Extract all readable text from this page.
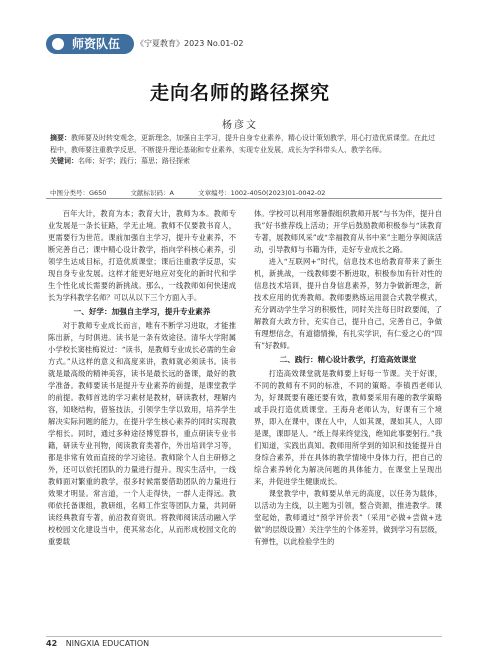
师资队伍	《宁夏教育》2023 No.01-02
走向名师的路径探究
杨彦文
摘要：教师要及时转变观念，更新理念，加强自主学习，提升自身专业素养，精心设计策划教学，用心打造优质课堂。在此过程中，教师要注重教学反思，不断提升理论基础和专业素养，实现专业发展，成长为学科带头人、教学名师。
关键词：名师；好学；践行；慕思；路径探索
中图分类号：G650	文献标识码：A	文章编号：1002-4050(2023)01-0042-02

百年大计，教育为本；教育大计，教师为本。教师专业发展是一条长征路，学无止境。教师不仅要教书育人，更需要行为世范。课前加强自主学习，提升专业素养，不断完善自己；课中精心设计教学，指向学科核心素养，引领学生达成目标，打造优质课堂；课后注重教学反思，实现自身专业发展。这样才能更好地应对变化的新时代和学生个性化成长需要的新挑战。那么，一线教师如何快速成长为学科教学名师？可以从以下三个方面入手。

一、好学：加强自主学习，提升专业素养

对于教师专业成长而言，唯有不断学习进取，才能推陈出新，与时俱进。读书是一条有效途径。清华大学附属小学校长窦桂梅说过：“读书，是教师专业成长必需的生命方式。”从这样的意义和高度来讲，教师就必须读书。读书就是最高级的精神美容，读书是最长远的备课，最好的教学准备。教师要读书是提升专业素养的前提，是课堂教学的前提。教师首选的学习素材是教材，研读教材，理解内容，知晓结构，借鉴技法，引领学生学以致用，培养学生解决实际问题的能力，在提升学生核心素养的同时实现教学相长。同时，通过多种途径博览群书，重点研读专业书籍，研读专业刊物，阅读教育类著作，外出培训学习等，都是非常有效而直接的学习途径。教师除个人自主研修之外，还可以依托团队的力量进行提升。现实生活中，一线教师面对繁重的教学，很多时候需要借助团队的力量进行效果才明显。常言道，一个人走得快，一群人走得远。教师依托备课组，教研组，名师工作室等团队力量，共同研读经典教育专著，前沿教育资讯。将教师阅读活动融入学校校园文化建设当中，使其常态化，从而形成校园文化的重要载

体。学校可以利用寒暑假组织教师开展“与书为伴，提升自我”好书推荐线上活动；开学后鼓励教师积极参与“读教育专著，展教师风采”或“幸福教育从书中来”主题分享阅读活动，引导教师与书籍为伴，走好专业成长之路。

进入“互联网+”时代，信息技术也给教育带来了新生机，新挑战，一线教师要不断进取，积极参加有针对性的信息技术培训，提升自身信息素养，努力争做新理念，新技术应用的优秀教师。教师要熟练运用混合式教学模式，充分调动学生学习的积极性，同时关注每日时政要闻，了解教育大政方针，充实自己，提升自己，完善自己，争做有理想信念，有道德情操，有扎实学识，有仁爱之心的“四有”好教师。

二、践行：精心设计教学，打造高效课堂

打造高效课堂就是教师要上好每一节课。关于好课，不同的教师有不同的标准，不同的策略。李镇西老师认为，好课既要有趣还要有效，教师要采用有趣的教学策略或手段打造优质课堂。王海舟老师认为，好课有三个境界，即入在课中，课在人中，人如其课，课如其人，人即是课，课即是人。“纸上得来终觉浅，绝知此事要躬行。”我们知道，实践出真知。教师用所学到的知识和技能提升自身综合素养，并在具体的教学情境中身体力行，把自己的综合素养转化为解决问题的具体能力，在课堂上呈现出来，并促进学生健康成长。

课堂教学中，教师要从单元的高度，以任务为载体，以活动为主线，以主题为引领，整合资源，推进教学。课堂起始，教师通过“预学评价表”（采用“必做+尝做+选做”的层级设置）关注学生的个体差异，做到学习有层级，有弹性，以此检验学生的

42 NINGXIA EDUCATION
